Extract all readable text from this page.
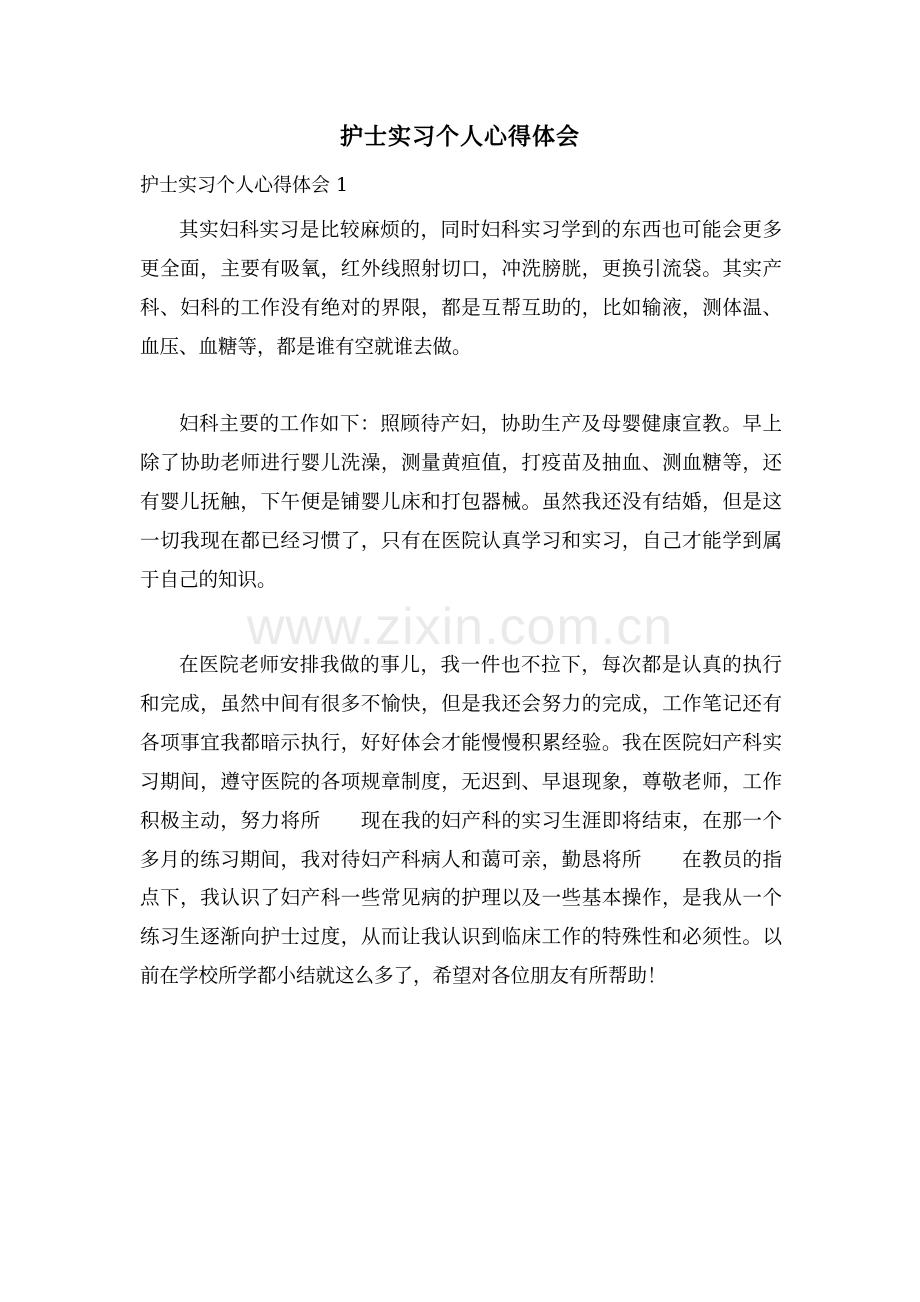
护士实习个人心得体会
护士实习个人心得体会 1

其实妇科实习是比较麻烦的，同时妇科实习学到的东西也可能会更多更全面，主要有吸氧，红外线照射切口，冲洗膀胱，更换引流袋。其实产科、妇科的工作没有绝对的界限，都是互帮互助的，比如输液，测体温、血压、血糖等，都是谁有空就谁去做。

妇科主要的工作如下：照顾待产妇，协助生产及母婴健康宣教。早上除了协助老师进行婴儿洗澡，测量黄疸值，打疫苗及抽血、测血糖等，还有婴儿抚触，下午便是铺婴儿床和打包器械。虽然我还没有结婚，但是这一切我现在都已经习惯了，只有在医院认真学习和实习，自己才能学到属于自己的知识。

在医院老师安排我做的事儿，我一件也不拉下，每次都是认真的执行和完成，虽然中间有很多不愉快，但是我还会努力的完成，工作笔记还有各项事宜我都暗示执行，好好体会才能慢慢积累经验。我在医院妇产科实习期间，遵守医院的各项规章制度，无迟到、早退现象，尊敬老师，工作积极主动，努力将所　　现在我的妇产科的实习生涯即将结束，在那一个多月的练习期间，我对待妇产科病人和蔼可亲，勤恳将所　　在教员的指点下，我认识了妇产科一些常见病的护理以及一些基本操作，是我从一个练习生逐渐向护士过度，从而让我认识到临床工作的特殊性和必须性。以前在学校所学都小结就这么多了，希望对各位朋友有所帮助！

www.zixin.com.cn
